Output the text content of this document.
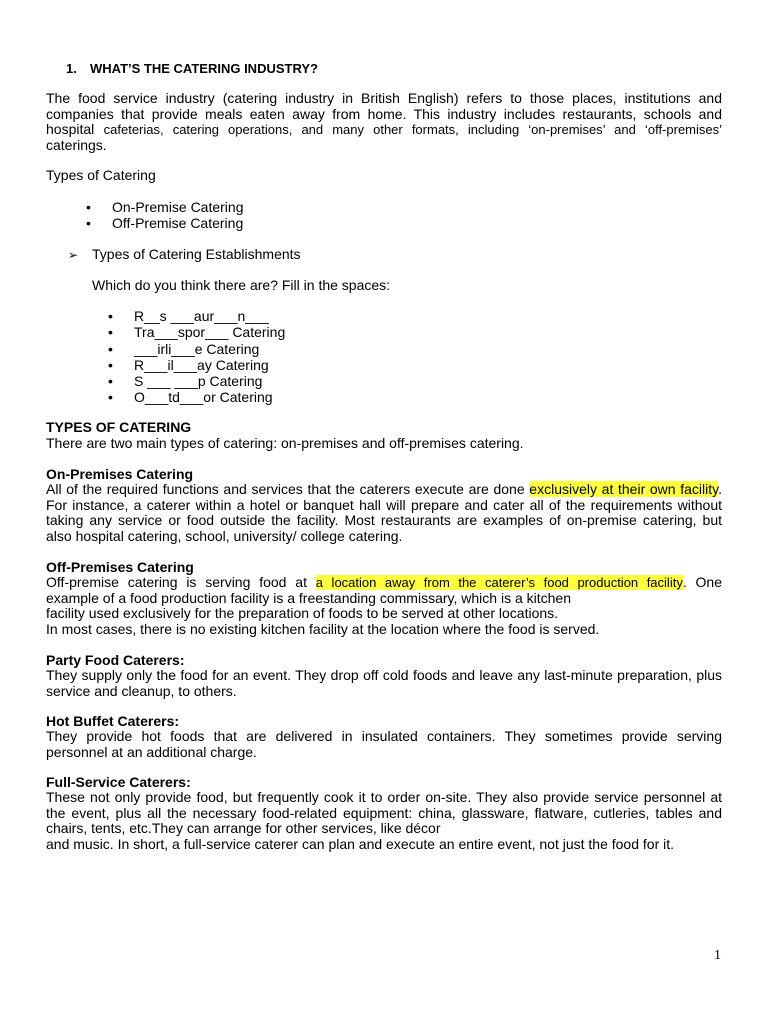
1. WHAT’S THE CATERING INDUSTRY?
The food service industry (catering industry in British English) refers to those places, institutions and
companies that provide meals eaten away from home. This industry includes restaurants, schools and
hospital cafeterias, catering operations, and many other formats, including ‘on-premises’ and ‘off-premises’
caterings.
Types of Catering
• On-Premise Catering
• Off-Premise Catering
➢ Types of Catering Establishments
Which do you think there are? Fill in the spaces:
• R__s ___aur___n___
• Tra___spor___ Catering
• ___irli___e Catering
• R___il___ay Catering
• S ___ ___p Catering
• O___td___or Catering
TYPES OF CATERING
There are two main types of catering: on-premises and off-premises catering.
On-Premises Catering
All of the required functions and services that the caterers execute are done exclusively at their own facility.
For instance, a caterer within a hotel or banquet hall will prepare and cater all of the requirements without
taking any service or food outside the facility. Most restaurants are examples of on-premise catering, but
also hospital catering, school, university/ college catering.
Off-Premises Catering
Off-premise catering is serving food at a location away from the caterer’s food production facility. One
example of a food production facility is a freestanding commissary, which is a kitchen
facility used exclusively for the preparation of foods to be served at other locations.
In most cases, there is no existing kitchen facility at the location where the food is served.
Party Food Caterers:
They supply only the food for an event. They drop off cold foods and leave any last-minute preparation, plus
service and cleanup, to others.
Hot Buffet Caterers:
They provide hot foods that are delivered in insulated containers. They sometimes provide serving
personnel at an additional charge.
Full-Service Caterers:
These not only provide food, but frequently cook it to order on-site. They also provide service personnel at
the event, plus all the necessary food-related equipment: china, glassware, flatware, cutleries, tables and
chairs, tents, etc.They can arrange for other services, like décor
and music. In short, a full-service caterer can plan and execute an entire event, not just the food for it.
1
